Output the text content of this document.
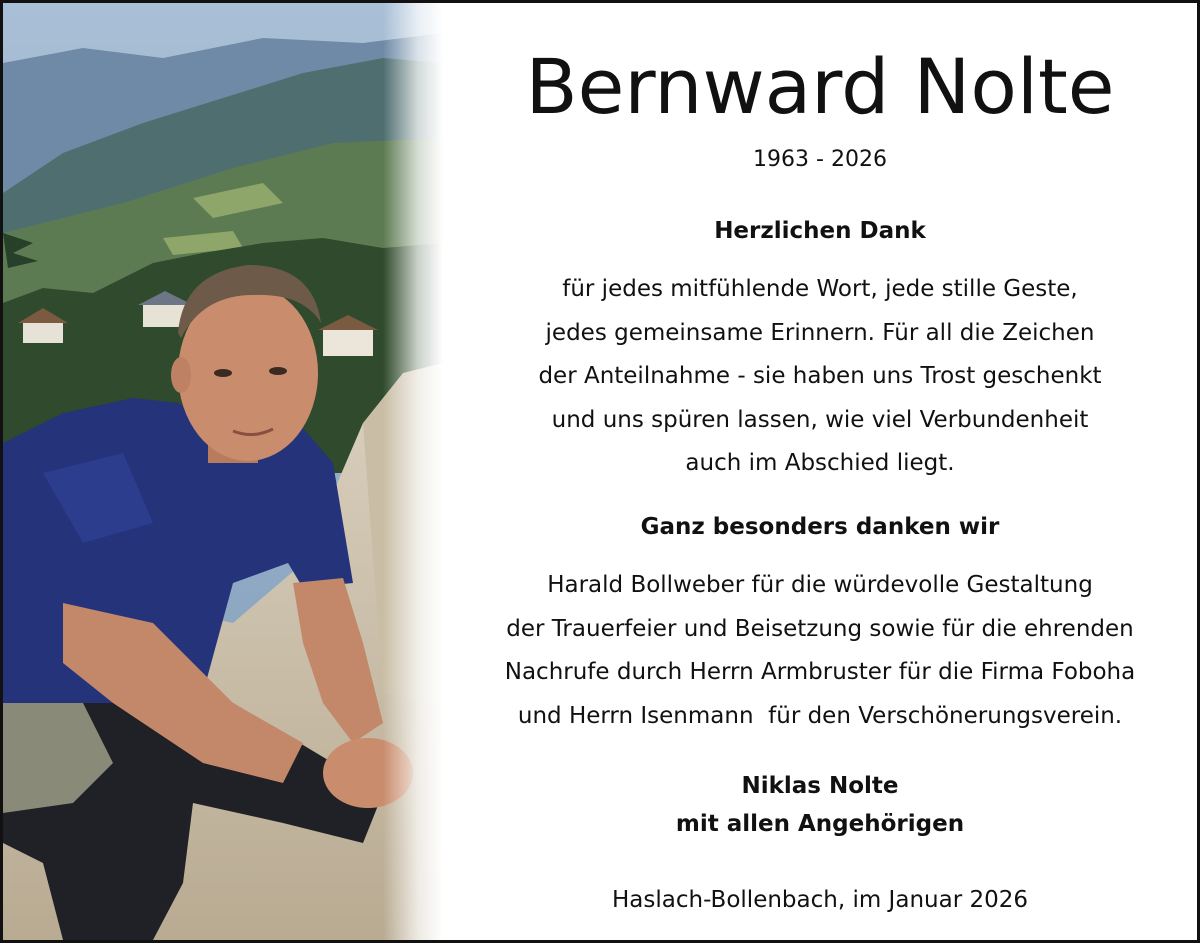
Bernward Nolte
1963 - 2026
Herzlichen Dank
für jedes mitfühlende Wort, jede stille Geste,
jedes gemeinsame Erinnern. Für all die Zeichen
der Anteilnahme - sie haben uns Trost geschenkt
und uns spüren lassen, wie viel Verbundenheit
auch im Abschied liegt.
Ganz besonders danken wir
Harald Bollweber für die würdevolle Gestaltung
der Trauerfeier und Beisetzung sowie für die ehrenden
Nachrufe durch Herrn Armbruster für die Firma Foboha
und Herrn Isenmann  für den Verschönerungsverein.
Niklas Nolte
mit allen Angehörigen
Haslach-Bollenbach, im Januar 2026
